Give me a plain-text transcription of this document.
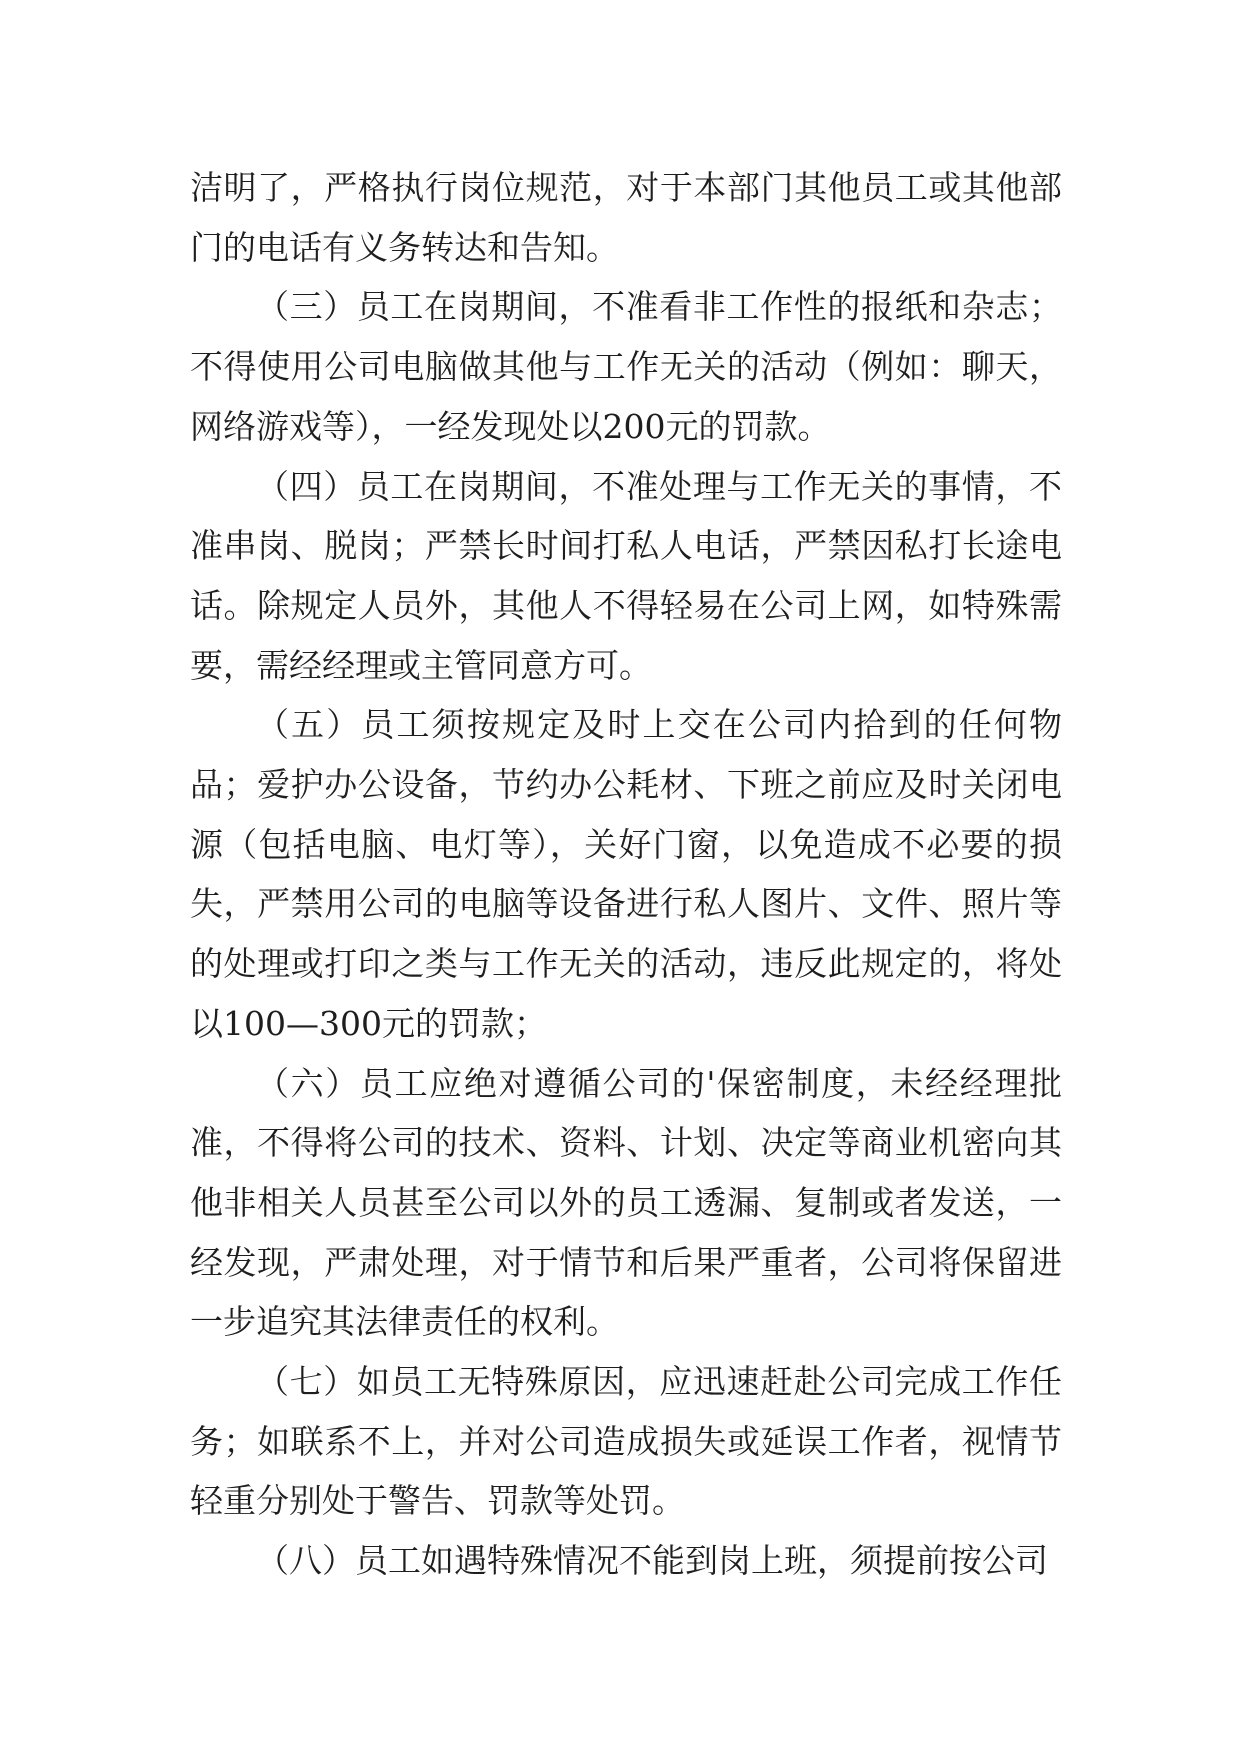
洁明了，严格执行岗位规范，对于本部门其他员工或其他部门的电话有义务转达和告知。

（三）员工在岗期间，不准看非工作性的报纸和杂志；不得使用公司电脑做其他与工作无关的活动（例如：聊天，网络游戏等），一经发现处以200元的罚款。

（四）员工在岗期间，不准处理与工作无关的事情，不准串岗、脱岗；严禁长时间打私人电话，严禁因私打长途电话。除规定人员外，其他人不得轻易在公司上网，如特殊需要，需经经理或主管同意方可。

（五）员工须按规定及时上交在公司内拾到的任何物品；爱护办公设备，节约办公耗材、下班之前应及时关闭电源（包括电脑、电灯等），关好门窗，以免造成不必要的损失，严禁用公司的电脑等设备进行私人图片、文件、照片等的处理或打印之类与工作无关的活动，违反此规定的，将处以100—300元的罚款；

（六）员工应绝对遵循公司的'保密制度，未经经理批准，不得将公司的技术、资料、计划、决定等商业机密向其他非相关人员甚至公司以外的员工透漏、复制或者发送，一经发现，严肃处理，对于情节和后果严重者，公司将保留进一步追究其法律责任的权利。

（七）如员工无特殊原因，应迅速赶赴公司完成工作任务；如联系不上，并对公司造成损失或延误工作者，视情节轻重分别处于警告、罚款等处罚。

（八）员工如遇特殊情况不能到岗上班，须提前按公司
